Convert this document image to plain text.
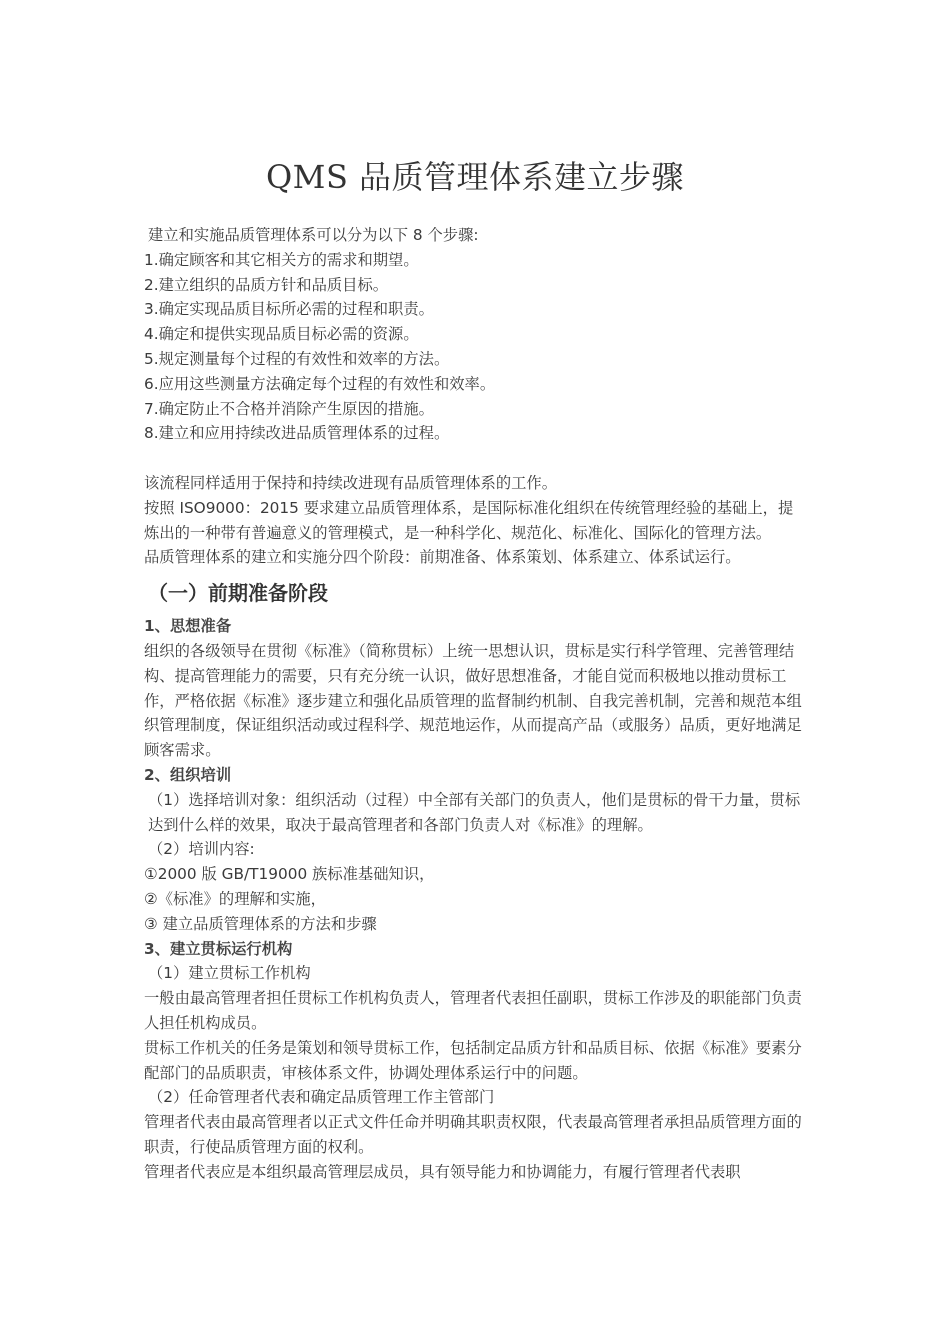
QMS 品质管理体系建立步骤

建立和实施品质管理体系可以分为以下 8 个步骤:

1.确定顾客和其它相关方的需求和期望。

2.建立组织的品质方针和品质目标。

3.确定实现品质目标所必需的过程和职责。

4.确定和提供实现品质目标必需的资源。

5.规定测量每个过程的有效性和效率的方法。

6.应用这些测量方法确定每个过程的有效性和效率。

7.确定防止不合格并消除产生原因的措施。

8.建立和应用持续改进品质管理体系的过程。

该流程同样适用于保持和持续改进现有品质管理体系的工作。

按照 ISO9000：2015 要求建立品质管理体系，是国际标准化组织在传统管理经验的基础上，提炼出的一种带有普遍意义的管理模式，是一种科学化、规范化、标准化、国际化的管理方法。

品质管理体系的建立和实施分四个阶段：前期准备、体系策划、体系建立、体系试运行。

（一）前期准备阶段

1、思想准备

组织的各级领导在贯彻《标准》（简称贯标）上统一思想认识，贯标是实行科学管理、完善管理结构、提高管理能力的需要，只有充分统一认识，做好思想准备，才能自觉而积极地以推动贯标工作，严格依据《标准》逐步建立和强化品质管理的监督制约机制、自我完善机制，完善和规范本组织管理制度，保证组织活动或过程科学、规范地运作，从而提高产品（或服务）品质，更好地满足顾客需求。

2、组织培训

（1）选择培训对象：组织活动（过程）中全部有关部门的负责人，他们是贯标的骨干力量，贯标达到什么样的效果，取决于最高管理者和各部门负责人对《标准》的理解。

（2）培训内容:

①2000 版 GB/T19000 族标准基础知识，

②《标准》的理解和实施，

③ 建立品质管理体系的方法和步骤

3、建立贯标运行机构

（1）建立贯标工作机构

一般由最高管理者担任贯标工作机构负责人，管理者代表担任副职，贯标工作涉及的职能部门负责人担任机构成员。

贯标工作机关的任务是策划和领导贯标工作，包括制定品质方针和品质目标、依据《标准》要素分配部门的品质职责，审核体系文件，协调处理体系运行中的问题。

（2）任命管理者代表和确定品质管理工作主管部门

管理者代表由最高管理者以正式文件任命并明确其职责权限，代表最高管理者承担品质管理方面的职责，行使品质管理方面的权利。

管理者代表应是本组织最高管理层成员，具有领导能力和协调能力，有履行管理者代表职
